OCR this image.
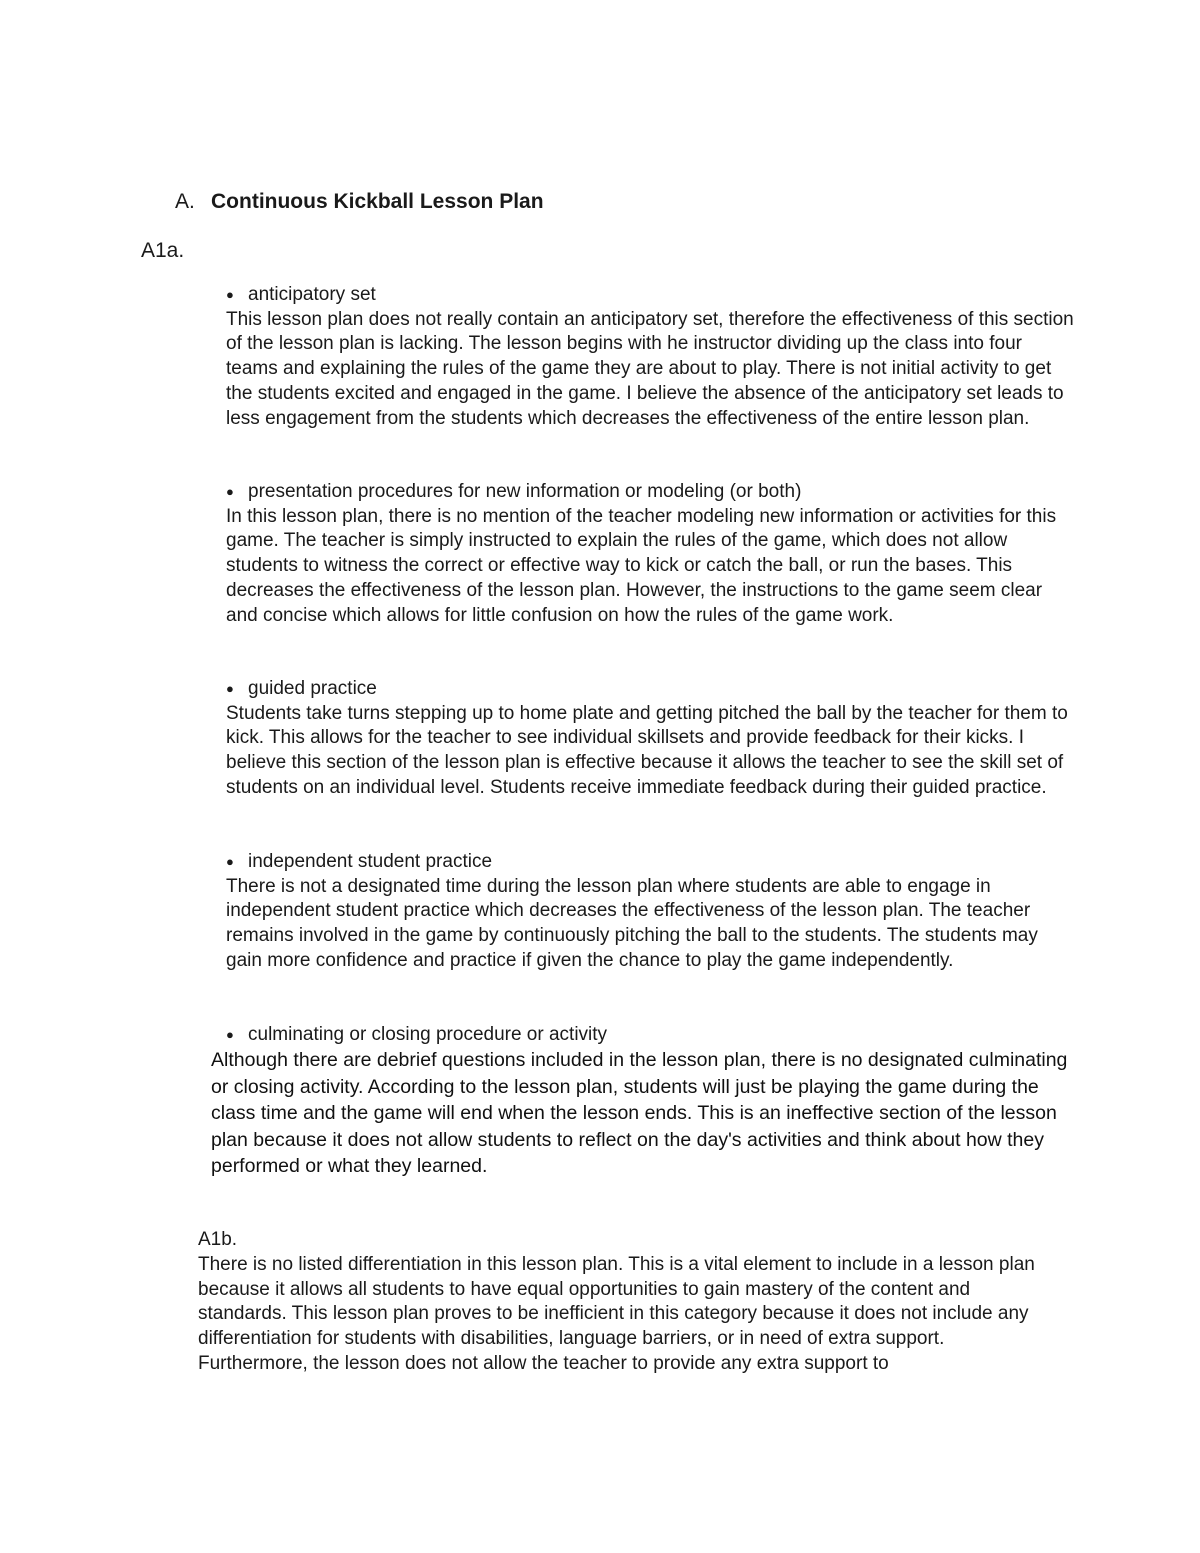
A. Continuous Kickball Lesson Plan
A1a.
● anticipatory set

This lesson plan does not really contain an anticipatory set, therefore the effectiveness of this section of the lesson plan is lacking. The lesson begins with he instructor dividing up the class into four teams and explaining the rules of the game they are about to play. There is not initial activity to get the students excited and engaged in the game. I believe the absence of the anticipatory set leads to less engagement from the students which decreases the effectiveness of the entire lesson plan.

● presentation procedures for new information or modeling (or both)

In this lesson plan, there is no mention of the teacher modeling new information or activities for this game. The teacher is simply instructed to explain the rules of the game, which does not allow students to witness the correct or effective way to kick or catch the ball, or run the bases. This decreases the effectiveness of the lesson plan. However, the instructions to the game seem clear and concise which allows for little confusion on how the rules of the game work.

● guided practice

Students take turns stepping up to home plate and getting pitched the ball by the teacher for them to kick. This allows for the teacher to see individual skillsets and provide feedback for their kicks. I believe this section of the lesson plan is effective because it allows the teacher to see the skill set of students on an individual level. Students receive immediate feedback during their guided practice.

● independent student practice

There is not a designated time during the lesson plan where students are able to engage in independent student practice which decreases the effectiveness of the lesson plan. The teacher remains involved in the game by continuously pitching the ball to the students. The students may gain more confidence and practice if given the chance to play the game independently.

● culminating or closing procedure or activity

Although there are debrief questions included in the lesson plan, there is no designated culminating or closing activity. According to the lesson plan, students will just be playing the game during the class time and the game will end when the lesson ends. This is an ineffective section of the lesson plan because it does not allow students to reflect on the day's activities and think about how they performed or what they learned.

A1b.

There is no listed differentiation in this lesson plan. This is a vital element to include in a lesson plan because it allows all students to have equal opportunities to gain mastery of the content and standards. This lesson plan proves to be inefficient in this category because it does not include any differentiation for students with disabilities, language barriers, or in need of extra support. Furthermore, the lesson does not allow the teacher to provide any extra support to
